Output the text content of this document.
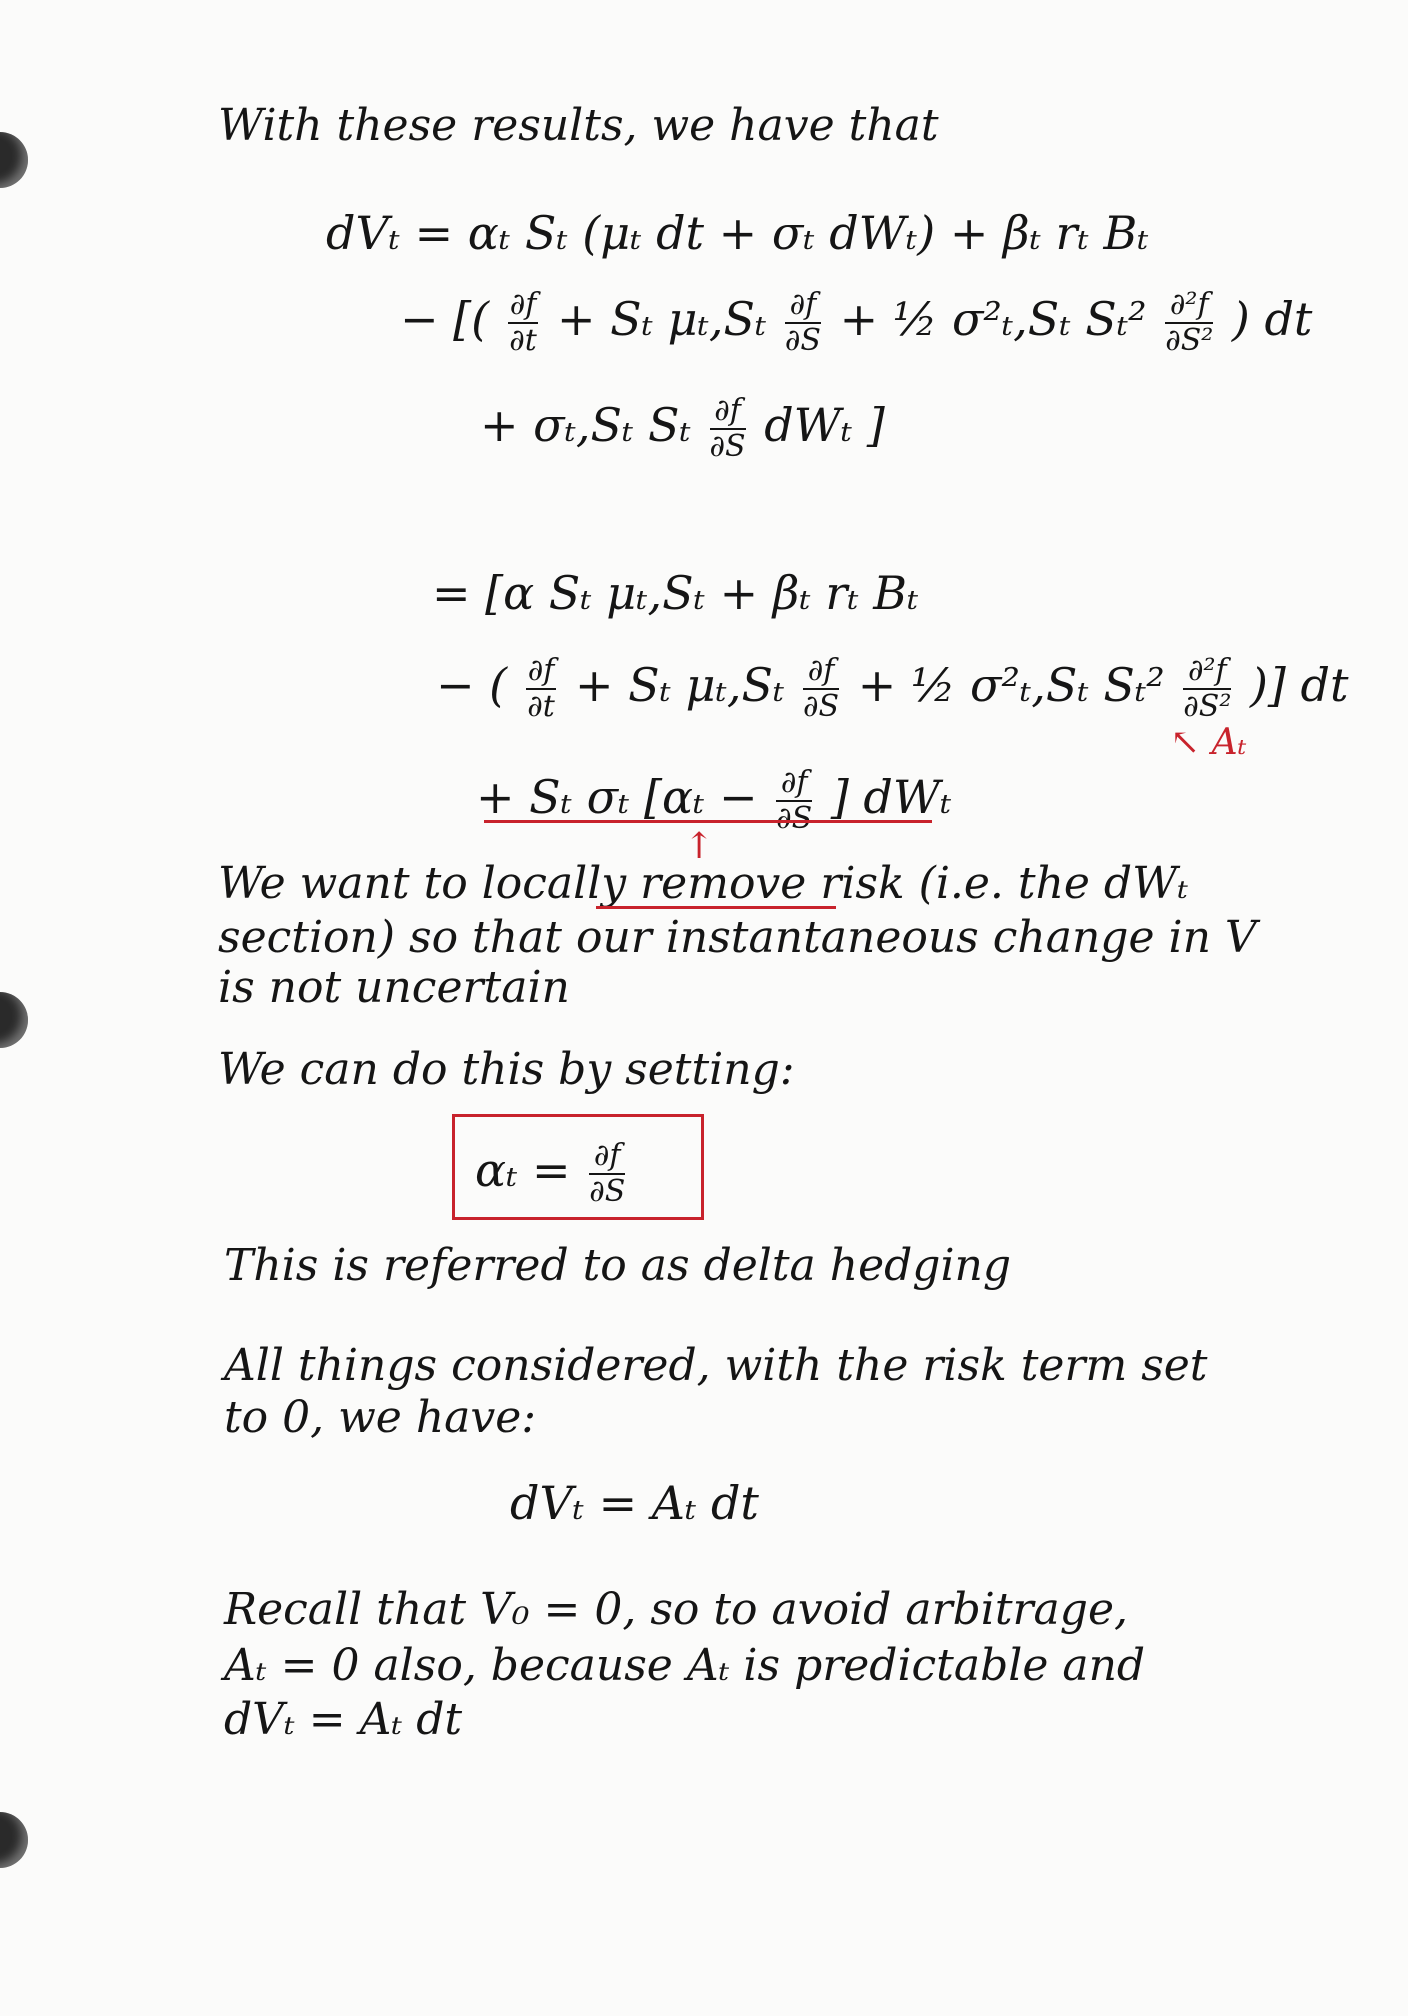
With these results, we have that
dVₜ = αₜ Sₜ (μₜ dt + σₜ dWₜ) + βₜ rₜ Bₜ
− [( $\frac{\partial f}{\partial t} + S_t$ $\mu_t,S_t \frac{\partial f}{\partial S}$ + ½ σ²ₜ,Sₜ $S_t^2 \frac{\text{∂²f}}{\text{∂S²}}$ ) dt
+ σₜ,Sₜ Sₜ $\frac{\partial f}{\partial S}$ dWₜ ]
= [α Sₜ μₜ,Sₜ + βₜ rₜ Bₜ
− ( $\frac{\partial f}{\partial t} + S_t$ $\mu_t,S_t \frac{\partial f}{\partial S}$ + ½ σ²ₜ,Sₜ $S_t^2 \frac{\text{∂²f}}{\text{∂S²}}$ )] dt
↖ Aₜ
+ Sₜ σₜ [$\alpha_t - \frac{\partial f}{\partial S}$ ] dWₜ
↑
We want to locally remove risk (i.e. the dWₜ
section) so that our instantaneous change in V
is not uncertain
We can do this by setting:
$\alpha_t = \frac{\partial f}{\partial S}$
This is referred to as delta hedging
All things considered, with the risk term set
to 0, we have:
dVₜ = Aₜ dt
Recall that V₀ = 0, so to avoid arbitrage,
Aₜ = 0 also, because Aₜ is predictable and
dVₜ = Aₜ dt
